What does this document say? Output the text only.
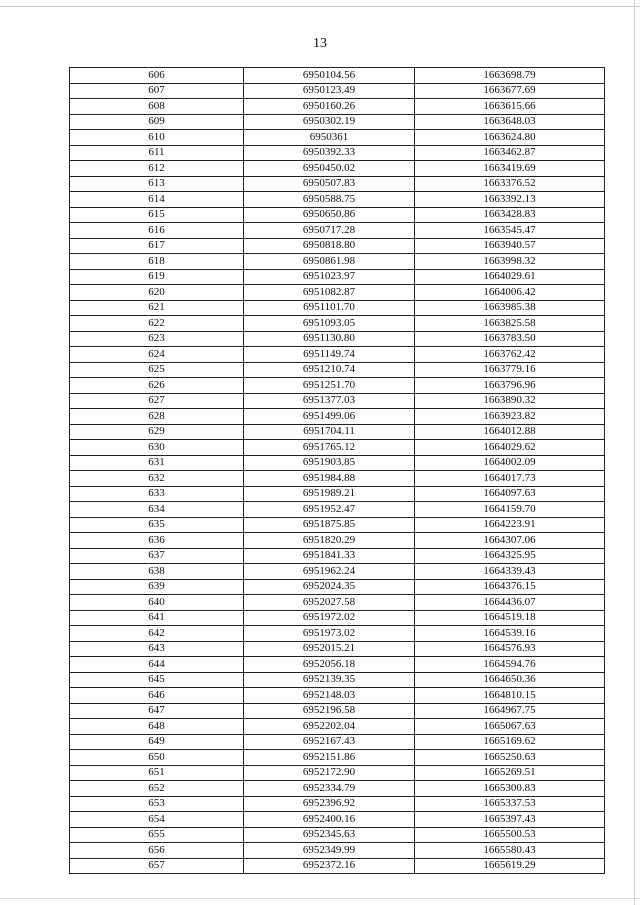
13
606	6950104.56	1663698.79
607	6950123.49	1663677.69
608	6950160.26	1663615.66
609	6950302.19	1663648.03
610	6950361	1663624.80
611	6950392.33	1663462.87
612	6950450.02	1663419.69
613	6950507.83	1663376.52
614	6950588.75	1663392.13
615	6950650.86	1663428.83
616	6950717.28	1663545.47
617	6950818.80	1663940.57
618	6950861.98	1663998.32
619	6951023.97	1664029.61
620	6951082.87	1664006.42
621	6951101.70	1663985.38
622	6951093.05	1663825.58
623	6951130.80	1663783.50
624	6951149.74	1663762.42
625	6951210.74	1663779.16
626	6951251.70	1663796.96
627	6951377.03	1663890.32
628	6951499.06	1663923.82
629	6951704.11	1664012.88
630	6951765.12	1664029.62
631	6951903.85	1664002.09
632	6951984.88	1664017.73
633	6951989.21	1664097.63
634	6951952.47	1664159.70
635	6951875.85	1664223.91
636	6951820.29	1664307.06
637	6951841.33	1664325.95
638	6951962.24	1664339.43
639	6952024.35	1664376.15
640	6952027.58	1664436.07
641	6951972.02	1664519.18
642	6951973.02	1664539.16
643	6952015.21	1664576.93
644	6952056.18	1664594.76
645	6952139.35	1664650.36
646	6952148.03	1664810.15
647	6952196.58	1664967.75
648	6952202.04	1665067.63
649	6952167.43	1665169.62
650	6952151.86	1665250.63
651	6952172.90	1665269.51
652	6952334.79	1665300.83
653	6952396.92	1665337.53
654	6952400.16	1665397.43
655	6952345.63	1665500.53
656	6952349.99	1665580.43
657	6952372.16	1665619.29
